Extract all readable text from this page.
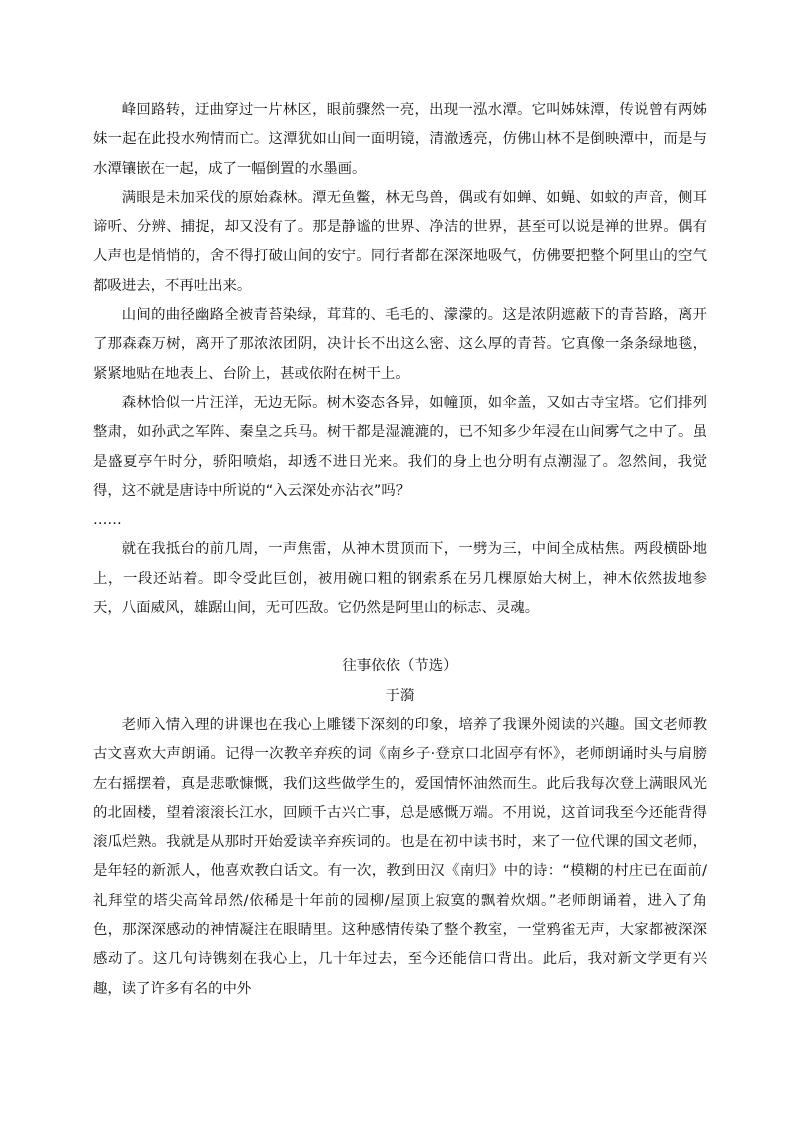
峰回路转，迂曲穿过一片林区，眼前骤然一亮，出现一泓水潭。它叫姊妹潭，传说曾有两姊妹一起在此投水殉情而亡。这潭犹如山间一面明镜，清澈透亮，仿佛山林不是倒映潭中，而是与水潭镶嵌在一起，成了一幅倒置的水墨画。

满眼是未加采伐的原始森林。潭无鱼鳖，林无鸟兽，偶或有如蝉、如蝇、如蚊的声音，侧耳谛听、分辨、捕捉，却又没有了。那是静谧的世界、净洁的世界，甚至可以说是禅的世界。偶有人声也是悄悄的，舍不得打破山间的安宁。同行者都在深深地吸气，仿佛要把整个阿里山的空气都吸进去，不再吐出来。

山间的曲径幽路全被青苔染绿，茸茸的、毛毛的、濛濛的。这是浓阴遮蔽下的青苔路，离开了那森森万树，离开了那浓浓团阴，决计长不出这么密、这么厚的青苔。它真像一条条绿地毯，紧紧地贴在地表上、台阶上，甚或依附在树干上。

森林恰似一片汪洋，无边无际。树木姿态各异，如幢顶，如伞盖，又如古寺宝塔。它们排列整肃，如孙武之军阵、秦皇之兵马。树干都是湿漉漉的，已不知多少年浸在山间雾气之中了。虽是盛夏亭午时分，骄阳喷焰，却透不进日光来。我们的身上也分明有点潮湿了。忽然间，我觉得，这不就是唐诗中所说的“入云深处亦沾衣”吗？

……

就在我抵台的前几周，一声焦雷，从神木贯顶而下，一劈为三，中间全成枯焦。两段横卧地上，一段还站着。即令受此巨创，被用碗口粗的钢索系在另几棵原始大树上，神木依然拔地参天，八面威风，雄踞山间，无可匹敌。它仍然是阿里山的标志、灵魂。

往事依依（节选）

于漪

老师入情入理的讲课也在我心上雕镂下深刻的印象，培养了我课外阅读的兴趣。国文老师教古文喜欢大声朗诵。记得一次教辛弃疾的词《南乡子·登京口北固亭有怀》，老师朗诵时头与肩膀左右摇摆着，真是悲歌慷慨，我们这些做学生的，爱国情怀油然而生。此后我每次登上满眼风光的北固楼，望着滚滚长江水，回顾千古兴亡事，总是感慨万端。不用说，这首词我至今还能背得滚瓜烂熟。我就是从那时开始爱读辛弃疾词的。也是在初中读书时，来了一位代课的国文老师，是年轻的新派人，他喜欢教白话文。有一次，教到田汉《南归》中的诗：“模糊的村庄已在面前/礼拜堂的塔尖高耸昂然/依稀是十年前的园柳/屋顶上寂寞的飘着炊烟。”老师朗诵着，进入了角色，那深深感动的神情凝注在眼睛里。这种感情传染了整个教室，一堂鸦雀无声，大家都被深深感动了。这几句诗镌刻在我心上，几十年过去，至今还能信口背出。此后，我对新文学更有兴趣，读了许多有名的中外
